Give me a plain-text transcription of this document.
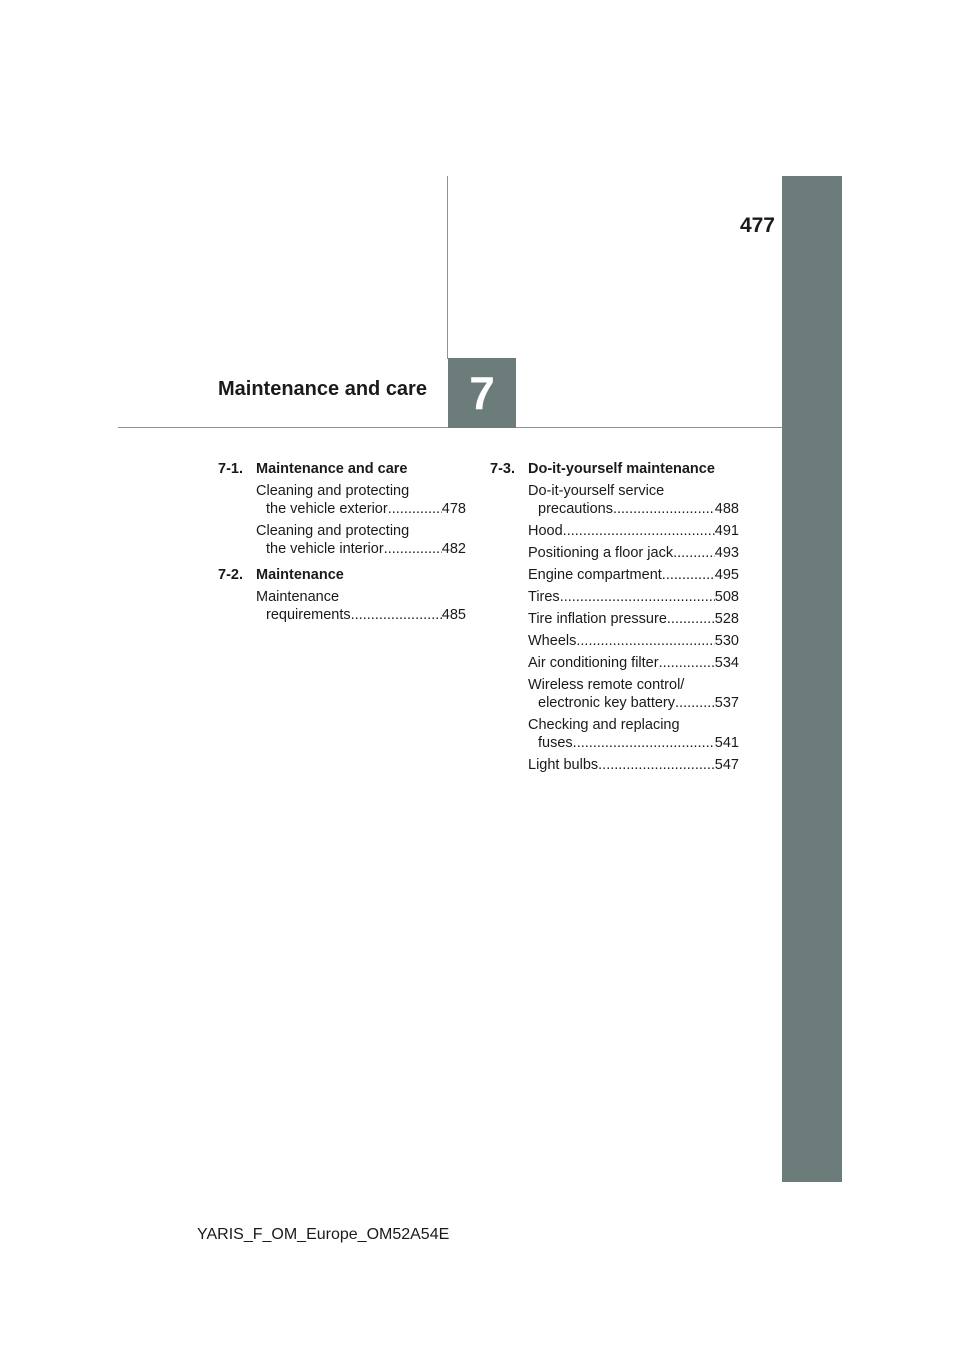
477
Maintenance and care 7
7-1. Maintenance and care
Cleaning and protecting
the vehicle exterior .....	478
Cleaning and protecting
the vehicle interior .....	482
7-2. Maintenance
Maintenance
requirements .....	485
7-3. Do-it-yourself maintenance
Do-it-yourself service
precautions .....	488
Hood .....	491
Positioning a floor jack .....	493
Engine compartment .....	495
Tires .....	508
Tire inflation pressure .....	528
Wheels .....	530
Air conditioning filter .....	534
Wireless remote control/
electronic key battery .....	537
Checking and replacing
fuses .....	541
Light bulbs .....	547
YARIS_F_OM_Europe_OM52A54E
